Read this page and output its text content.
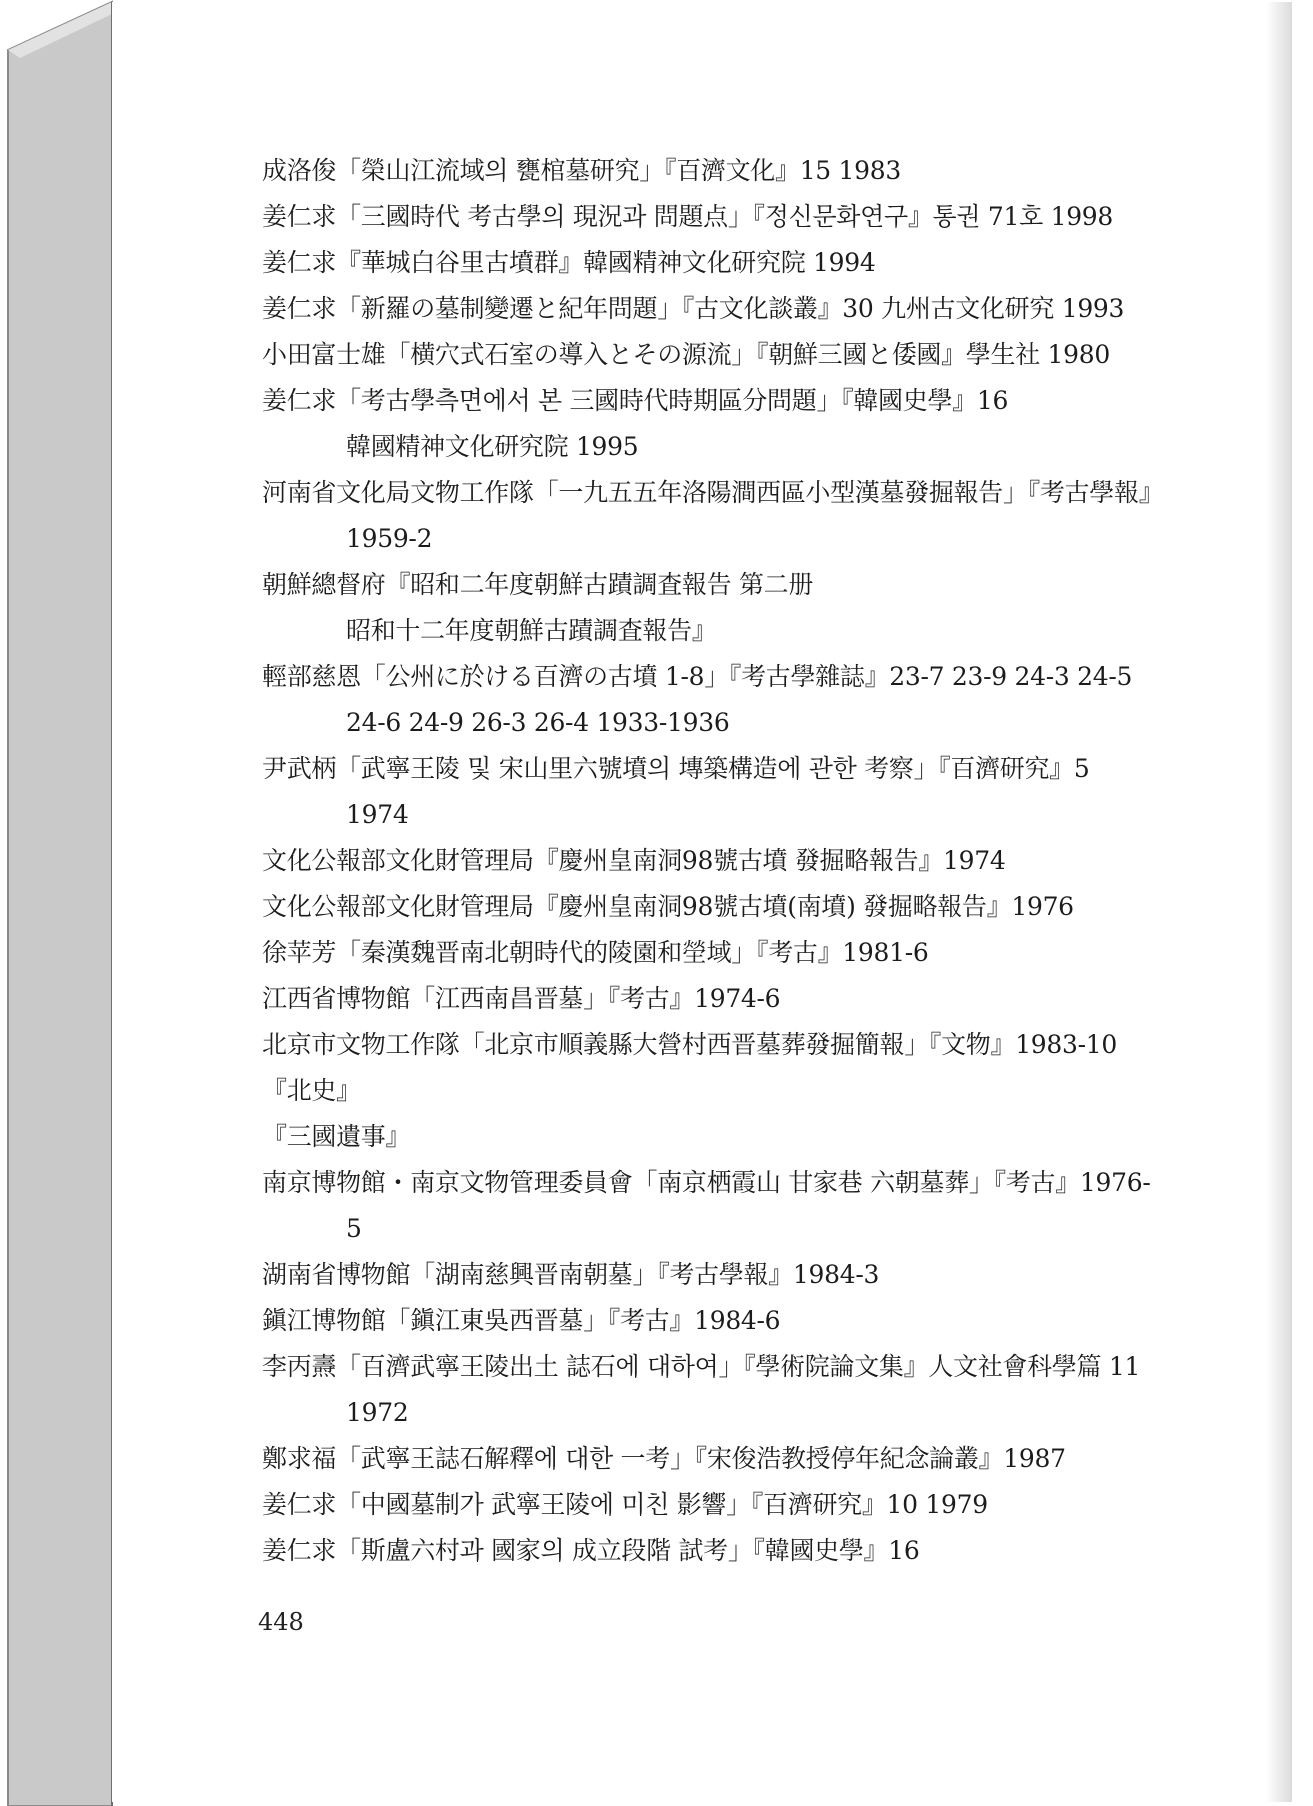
成洛俊「榮山江流域의 甕棺墓研究」『百濟文化』15 1983
姜仁求「三國時代 考古學의 現況과 問題点」『정신문화연구』통권 71호 1998
姜仁求『華城白谷里古墳群』韓國精神文化研究院 1994
姜仁求「新羅の墓制變遷と紀年問題」『古文化談叢』30 九州古文化研究 1993
小田富士雄「横穴式石室の導入とその源流」『朝鮮三國と倭國』學生社 1980
姜仁求「考古學측면에서 본 三國時代時期區分問題」『韓國史學』16 韓國精神文化研究院 1995
河南省文化局文物工作隊「一九五五年洛陽澗西區小型漢墓發掘報告」『考古學報』1959-2
朝鮮總督府『昭和二年度朝鮮古蹟調査報告 第二册 昭和十二年度朝鮮古蹟調査報告』
輕部慈恩「公州に於ける百濟の古墳 1-8」『考古學雜誌』23-7 23-9 24-3 24-5 24-6 24-9 26-3 26-4 1933-1936
尹武柄「武寧王陵 및 宋山里六號墳의 塼築構造에 관한 考察」『百濟研究』5 1974
文化公報部文化財管理局『慶州皇南洞98號古墳 發掘略報告』1974
文化公報部文化財管理局『慶州皇南洞98號古墳(南墳) 發掘略報告』1976
徐苹芳「秦漢魏晋南北朝時代的陵園和塋域」『考古』1981-6
江西省博物館「江西南昌晋墓」『考古』1974-6
北京市文物工作隊「北京市順義縣大營村西晋墓葬發掘簡報」『文物』1983-10
『北史』
『三國遺事』
南京博物館・南京文物管理委員會「南京栖霞山 甘家巷 六朝墓葬」『考古』1976-5
湖南省博物館「湖南慈興晋南朝墓」『考古學報』1984-3
鎭江博物館「鎭江東吳西晋墓」『考古』1984-6
李丙燾「百濟武寧王陵出土 誌石에 대하여」『學術院論文集』人文社會科學篇 11 1972
鄭求福「武寧王誌石解釋에 대한 一考」『宋俊浩教授停年紀念論叢』1987
姜仁求「中國墓制가 武寧王陵에 미친 影響」『百濟研究』10 1979
姜仁求「斯盧六村과 國家의 成立段階 試考」『韓國史學』16
448
